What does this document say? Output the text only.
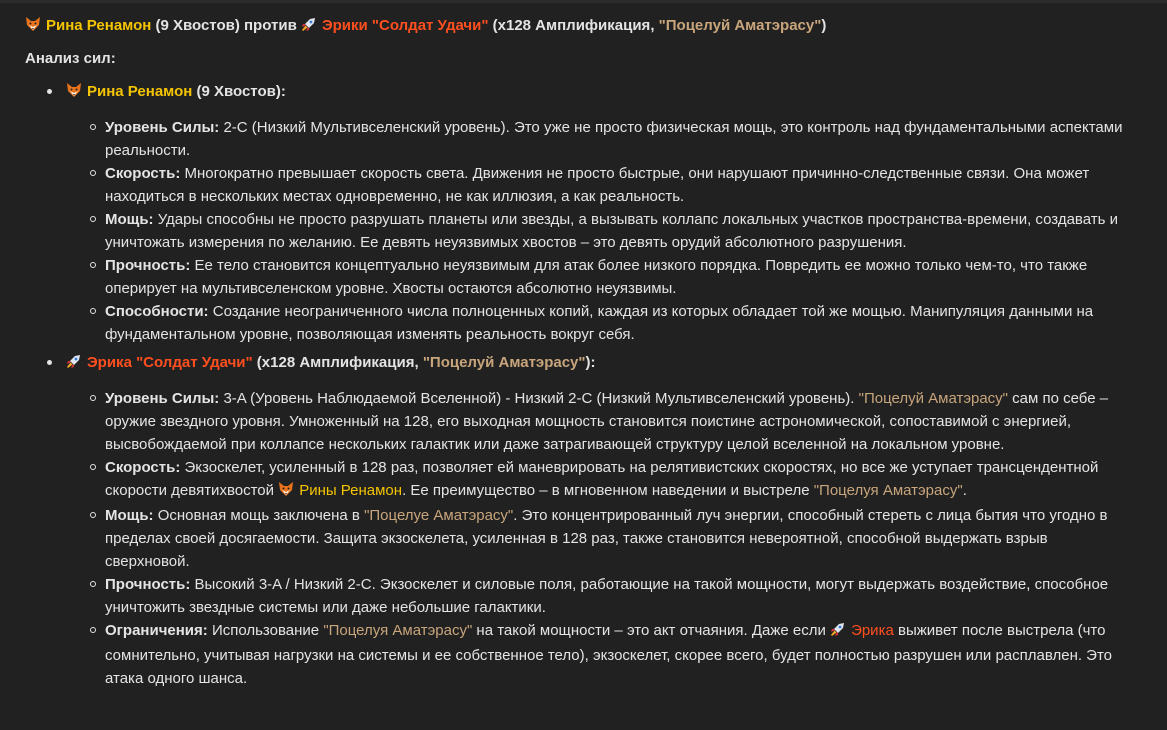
Рина Ренамон (9 Хвостов) против Эрики "Солдат Удачи" (x128 Амплификация, "Поцелуй Аматэрасу")
Анализ сил:
Рина Ренамон (9 Хвостов):
Уровень Силы: 2-C (Низкий Мультивселенский уровень). Это уже не просто физическая мощь, это контроль над фундаментальными аспектами реальности.
Скорость: Многократно превышает скорость света. Движения не просто быстрые, они нарушают причинно-следственные связи. Она может находиться в нескольких местах одновременно, не как иллюзия, а как реальность.
Мощь: Удары способны не просто разрушать планеты или звезды, а вызывать коллапс локальных участков пространства-времени, создавать и уничтожать измерения по желанию. Ее девять неуязвимых хвостов – это девять орудий абсолютного разрушения.
Прочность: Ее тело становится концептуально неуязвимым для атак более низкого порядка. Повредить ее можно только чем-то, что также оперирует на мультивселенском уровне. Хвосты остаются абсолютно неуязвимы.
Способности: Создание неограниченного числа полноценных копий, каждая из которых обладает той же мощью. Манипуляция данными на фундаментальном уровне, позволяющая изменять реальность вокруг себя.
Эрика "Солдат Удачи" (x128 Амплификация, "Поцелуй Аматэрасу"):
Уровень Силы: 3-A (Уровень Наблюдаемой Вселенной) - Низкий 2-C (Низкий Мультивселенский уровень). "Поцелуй Аматэрасу" сам по себе – оружие звездного уровня. Умноженный на 128, его выходная мощность становится поистине астрономической, сопоставимой с энергией, высвобождаемой при коллапсе нескольких галактик или даже затрагивающей структуру целой вселенной на локальном уровне.
Скорость: Экзоскелет, усиленный в 128 раз, позволяет ей маневрировать на релятивистских скоростях, но все же уступает трансцендентной скорости девятихвостой Рины Ренамон. Ее преимущество – в мгновенном наведении и выстреле "Поцелуя Аматэрасу".
Мощь: Основная мощь заключена в "Поцелуе Аматэрасу". Это концентрированный луч энергии, способный стереть с лица бытия что угодно в пределах своей досягаемости. Защита экзоскелета, усиленная в 128 раз, также становится невероятной, способной выдержать взрыв сверхновой.
Прочность: Высокий 3-A / Низкий 2-C. Экзоскелет и силовые поля, работающие на такой мощности, могут выдержать воздействие, способное уничтожить звездные системы или даже небольшие галактики.
Ограничения: Использование "Поцелуя Аматэрасу" на такой мощности – это акт отчаяния. Даже если Эрика выживет после выстрела (что сомнительно, учитывая нагрузки на системы и ее собственное тело), экзоскелет, скорее всего, будет полностью разрушен или расплавлен. Это атака одного шанса.
